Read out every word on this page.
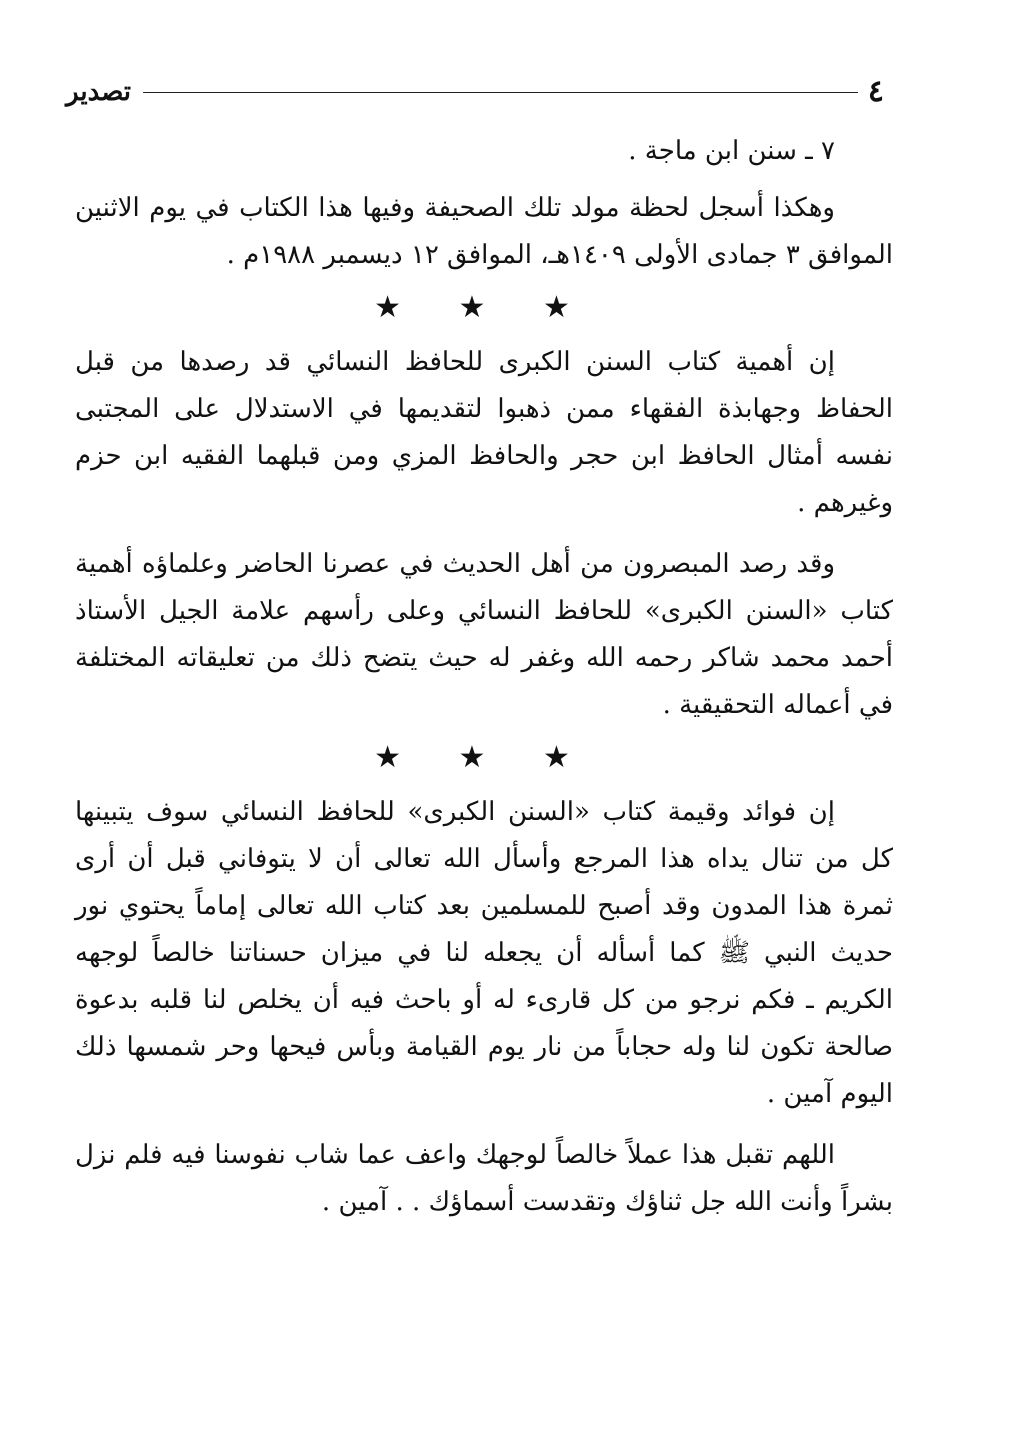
٤
تصدير

٧ ـ سنن ابن ماجة .

وهكذا أسجل لحظة مولد تلك الصحيفة وفيها هذا الكتاب في يوم الاثنين الموافق ٣ جمادى الأولى ١٤٠٩هـ، الموافق ١٢ ديسمبر ١٩٨٨م .

★ ★ ★

إن أهمية كتاب السنن الكبرى للحافظ النسائي قد رصدها من قبل الحفاظ وجهابذة الفقهاء ممن ذهبوا لتقديمها في الاستدلال على المجتبى نفسه أمثال الحافظ ابن حجر والحافظ المزي ومن قبلهما الفقيه ابن حزم وغيرهم .

وقد رصد المبصرون من أهل الحديث في عصرنا الحاضر وعلماؤه أهمية كتاب «السنن الكبرى» للحافظ النسائي وعلى رأسهم علامة الجيل الأستاذ أحمد محمد شاكر رحمه الله وغفر له حيث يتضح ذلك من تعليقاته المختلفة في أعماله التحقيقية .

★ ★ ★

إن فوائد وقيمة كتاب «السنن الكبرى» للحافظ النسائي سوف يتبينها كل من تنال يداه هذا المرجع وأسأل الله تعالى أن لا يتوفاني قبل أن أرى ثمرة هذا المدون وقد أصبح للمسلمين بعد كتاب الله تعالى إماماً يحتوي نور حديث النبي ﷺ كما أسأله أن يجعله لنا في ميزان حسناتنا خالصاً لوجهه الكريم ـ فكم نرجو من كل قارىء له أو باحث فيه أن يخلص لنا قلبه بدعوة صالحة تكون لنا وله حجاباً من نار يوم القيامة وبأس فيحها وحر شمسها ذلك اليوم آمين .

اللهم تقبل هذا عملاً خالصاً لوجهك واعف عما شاب نفوسنا فيه فلم نزل بشراً وأنت الله جل ثناؤك وتقدست أسماؤك . . آمين .
